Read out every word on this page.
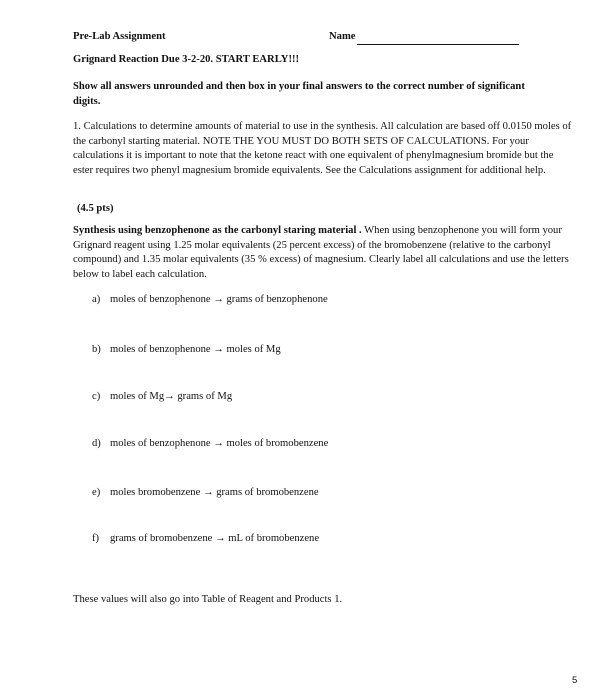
Pre-Lab Assignment	Name
Grignard Reaction Due 3-2-20. START EARLY!!!
Show all answers unrounded and then box in your final answers to the correct number of significant digits.
1. Calculations to determine amounts of material to use in the synthesis. All calculation are based off 0.0150 moles of the carbonyl starting material. NOTE THE YOU MUST DO BOTH SETS OF CALCULATIONS. For your calculations it is important to note that the ketone react with one equivalent of phenylmagnesium bromide but the ester requires two phenyl magnesium bromide equivalents. See the Calculations assignment for additional help.
(4.5 pts)
Synthesis using benzophenone as the carbonyl staring material . When using benzophenone you will form your Grignard reagent using 1.25 molar equivalents (25 percent excess) of the bromobenzene (relative to the carbonyl compound) and 1.35 molar equivalents (35 % excess) of magnesium. Clearly label all calculations and use the letters below to label each calculation.
a) moles of benzophenone → grams of benzophenone
b) moles of benzophenone → moles of Mg
c) moles of Mg→ grams of Mg
d) moles of benzophenone → moles of bromobenzene
e) moles bromobenzene → grams of bromobenzene
f) grams of bromobenzene → mL of bromobenzene
These values will also go into Table of Reagent and Products 1.
5
